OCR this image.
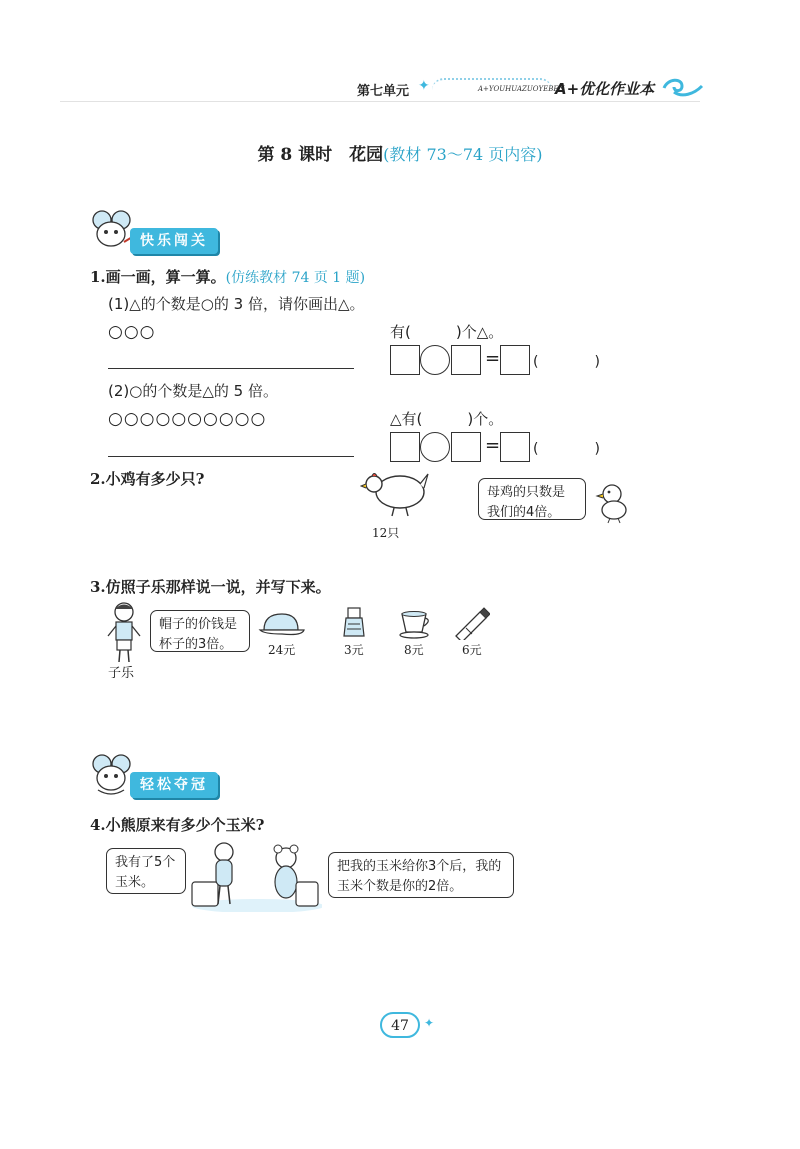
第七单元 ✦	A+YOUHUAZUOYEBEN
A+优化作业本
第 8 课时　花园(教材 73～74 页内容)
快乐闯关
1.画一画，算一算。(仿练教材 74 页 1 题)
(1)△的个数是○的 3 倍，请你画出△。
○○○	有(　　　)个△。
= (　　　　)
(2)○的个数是△的 5 倍。
○○○○○○○○○○	△有(　　　)个。
= (　　　　)
2.小鸡有多少只?
12只
母鸡的只数是我们的4倍。
3.仿照子乐那样说一说，并写下来。
子乐
帽子的价钱是杯子的3倍。	24元	3元	8元	6元
轻松夺冠
4.小熊原来有多少个玉米?
我有了5个玉米。
把我的玉米给你3个后，我的玉米个数是你的2倍。
47	✦
